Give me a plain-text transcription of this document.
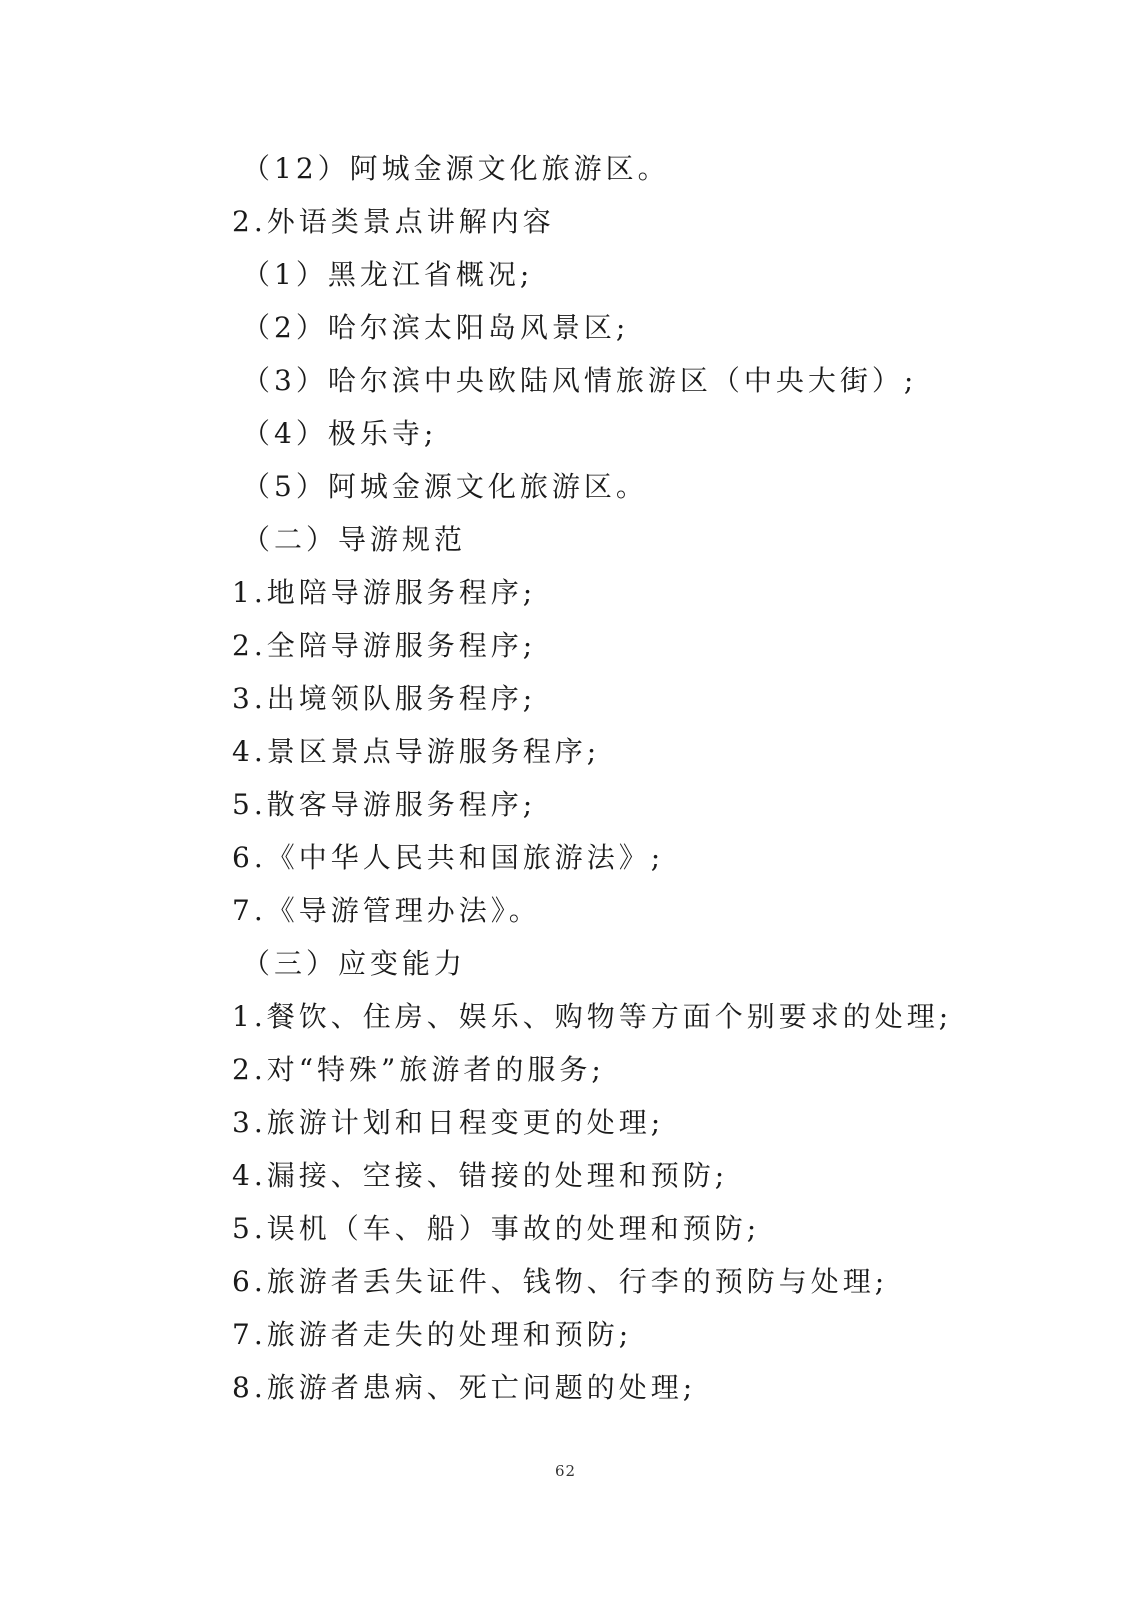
（12）阿城金源文化旅游区。
2.外语类景点讲解内容
（1）黑龙江省概况;
（2）哈尔滨太阳岛风景区;
（3）哈尔滨中央欧陆风情旅游区（中央大街）;
（4）极乐寺;
（5）阿城金源文化旅游区。
（二）导游规范
1.地陪导游服务程序;
2.全陪导游服务程序;
3.出境领队服务程序;
4.景区景点导游服务程序;
5.散客导游服务程序;
6.《中华人民共和国旅游法》;
7.《导游管理办法》。
（三）应变能力
1.餐饮、住房、娱乐、购物等方面个别要求的处理;
2.对“特殊”旅游者的服务;
3.旅游计划和日程变更的处理;
4.漏接、空接、错接的处理和预防;
5.误机（车、船）事故的处理和预防;
6.旅游者丢失证件、钱物、行李的预防与处理;
7.旅游者走失的处理和预防;
8.旅游者患病、死亡问题的处理;
62
